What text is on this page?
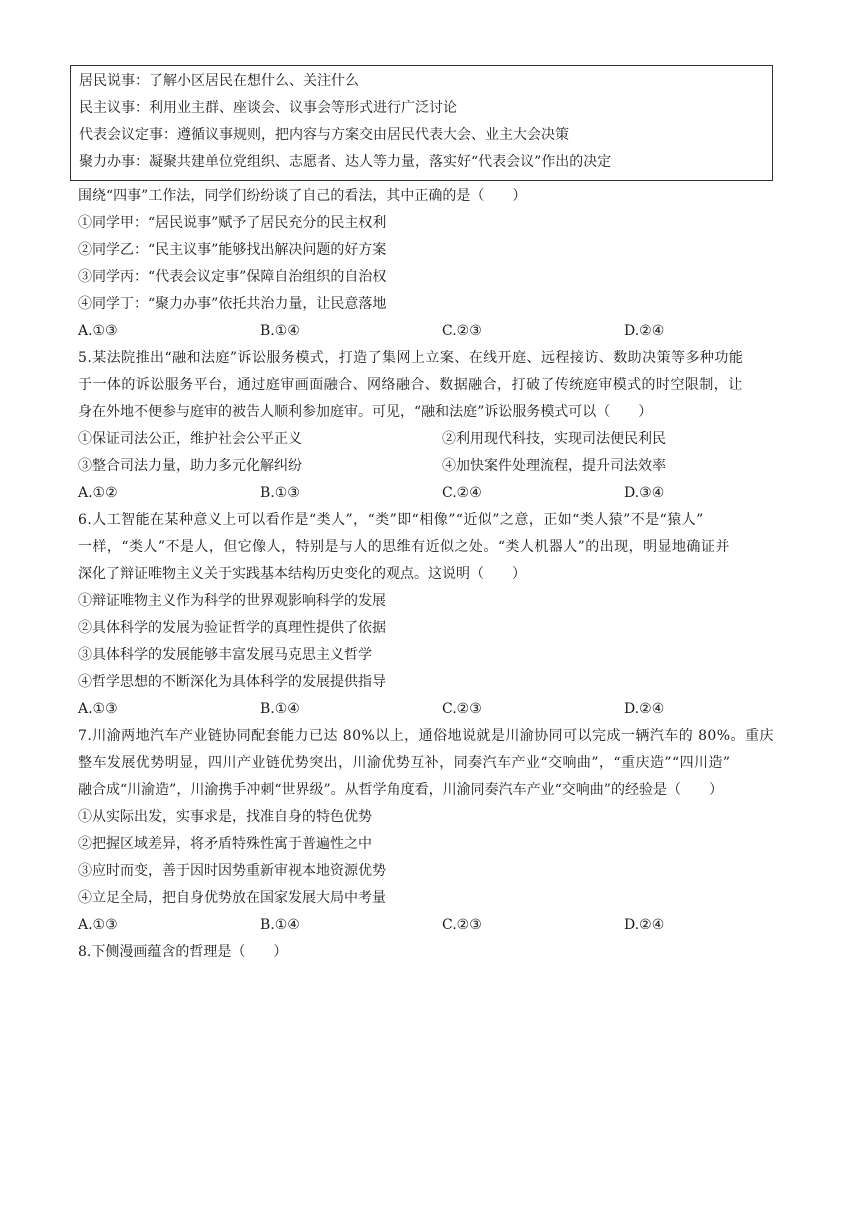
居民说事：了解小区居民在想什么、关注什么
民主议事：利用业主群、座谈会、议事会等形式进行广泛讨论
代表会议定事：遵循议事规则，把内容与方案交由居民代表大会、业主大会决策
聚力办事：凝聚共建单位党组织、志愿者、达人等力量，落实好“代表会议”作出的决定
围绕“四事”工作法，同学们纷纷谈了自己的看法，其中正确的是（　　）
①同学甲：“居民说事”赋予了居民充分的民主权利
②同学乙：“民主议事”能够找出解决问题的好方案
③同学丙：“代表会议定事”保障自治组织的自治权
④同学丁：“聚力办事”依托共治力量，让民意落地
A.①③	B.①④	C.②③	D.②④
5.某法院推出“融和法庭”诉讼服务模式，打造了集网上立案、在线开庭、远程接访、数助决策等多种功能
于一体的诉讼服务平台，通过庭审画面融合、网络融合、数据融合，打破了传统庭审模式的时空限制，让
身在外地不便参与庭审的被告人顺利参加庭审。可见，“融和法庭”诉讼服务模式可以（　　）
①保证司法公正，维护社会公平正义	②利用现代科技，实现司法便民利民
③整合司法力量，助力多元化解纠纷	④加快案件处理流程，提升司法效率
A.①②	B.①③	C.②④	D.③④
6.人工智能在某种意义上可以看作是“类人”，“类”即“相像”“近似”之意，正如“类人猿”不是“猿人”
一样，“类人”不是人，但它像人，特别是与人的思维有近似之处。“类人机器人”的出现，明显地确证并
深化了辩证唯物主义关于实践基本结构历史变化的观点。这说明（　　）
①辩证唯物主义作为科学的世界观影响科学的发展
②具体科学的发展为验证哲学的真理性提供了依据
③具体科学的发展能够丰富发展马克思主义哲学
④哲学思想的不断深化为具体科学的发展提供指导
A.①③	B.①④	C.②③	D.②④
7.川渝两地汽车产业链协同配套能力已达 80%以上，通俗地说就是川渝协同可以完成一辆汽车的 80%。重庆
整车发展优势明显，四川产业链优势突出，川渝优势互补，同奏汽车产业“交响曲”，“重庆造”“四川造”
融合成“川渝造”，川渝携手冲刺“世界级”。从哲学角度看，川渝同奏汽车产业“交响曲”的经验是（　　）
①从实际出发，实事求是，找准自身的特色优势
②把握区域差异，将矛盾特殊性寓于普遍性之中
③应时而变，善于因时因势重新审视本地资源优势
④立足全局，把自身优势放在国家发展大局中考量
A.①③	B.①④	C.②③	D.②④
8.下侧漫画蕴含的哲理是（　　）
